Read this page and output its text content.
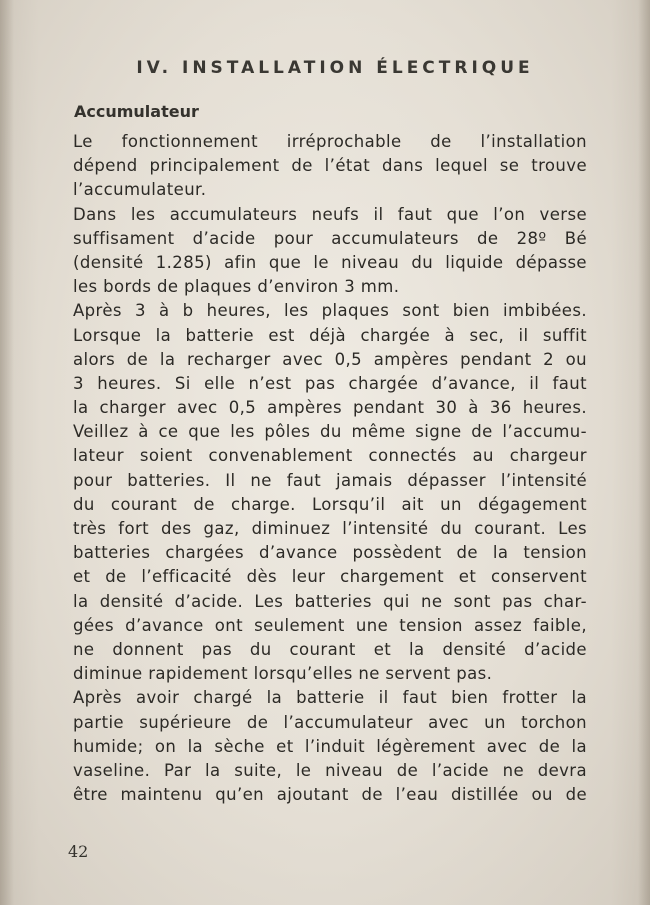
IV. INSTALLATION ÉLECTRIQUE
Accumulateur
Le fonctionnement irréprochable de l’installation
dépend principalement de l’état dans lequel se trouve
l’accumulateur.
Dans les accumulateurs neufs il faut que l’on verse
suffisament d’acide pour accumulateurs de 28º Bé
(densité 1.285) afin que le niveau du liquide dépasse
les bords de plaques d’environ 3 mm.
Après 3 à b heures, les plaques sont bien imbibées.
Lorsque la batterie est déjà chargée à sec, il suffit
alors de la recharger avec 0,5 ampères pendant 2 ou
3 heures. Si elle n’est pas chargée d’avance, il faut
la charger avec 0,5 ampères pendant 30 à 36 heures.
Veillez à ce que les pôles du même signe de l’accumu-
lateur soient convenablement connectés au chargeur
pour batteries. Il ne faut jamais dépasser l’intensité
du courant de charge. Lorsqu’il ait un dégagement
très fort des gaz, diminuez l’intensité du courant. Les
batteries chargées d’avance possèdent de la tension
et de l’efficacité dès leur chargement et conservent
la densité d’acide. Les batteries qui ne sont pas char-
gées d’avance ont seulement une tension assez faible,
ne donnent pas du courant et la densité d’acide
diminue rapidement lorsqu’elles ne servent pas.
Après avoir chargé la batterie il faut bien frotter la
partie supérieure de l’accumulateur avec un torchon
humide; on la sèche et l’induit légèrement avec de la
vaseline. Par la suite, le niveau de l’acide ne devra
être maintenu qu’en ajoutant de l’eau distillée ou de
42
